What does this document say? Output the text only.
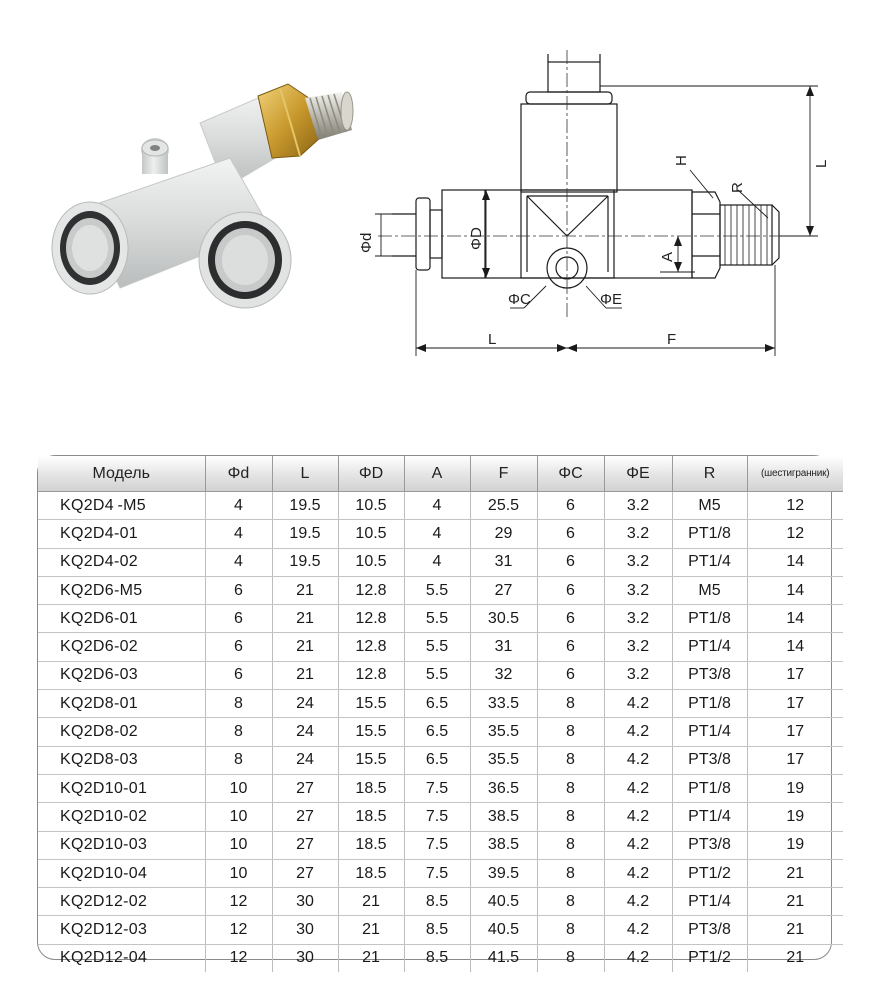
L	F
L
Φd	ΦD
A
H
R
ΦC	ΦE
Модель	Φd	L	ΦD	A	F	ΦC	ΦE	R	(шестигранник)
KQ2D4 -M5	4	19.5	10.5	4	25.5	6	3.2	M5	12
KQ2D4-01	4	19.5	10.5	4	29	6	3.2	PT1/8	12
KQ2D4-02	4	19.5	10.5	4	31	6	3.2	PT1/4	14
KQ2D6-M5	6	21	12.8	5.5	27	6	3.2	M5	14
KQ2D6-01	6	21	12.8	5.5	30.5	6	3.2	PT1/8	14
KQ2D6-02	6	21	12.8	5.5	31	6	3.2	PT1/4	14
KQ2D6-03	6	21	12.8	5.5	32	6	3.2	PT3/8	17
KQ2D8-01	8	24	15.5	6.5	33.5	8	4.2	PT1/8	17
KQ2D8-02	8	24	15.5	6.5	35.5	8	4.2	PT1/4	17
KQ2D8-03	8	24	15.5	6.5	35.5	8	4.2	PT3/8	17
KQ2D10-01	10	27	18.5	7.5	36.5	8	4.2	PT1/8	19
KQ2D10-02	10	27	18.5	7.5	38.5	8	4.2	PT1/4	19
KQ2D10-03	10	27	18.5	7.5	38.5	8	4.2	PT3/8	19
KQ2D10-04	10	27	18.5	7.5	39.5	8	4.2	PT1/2	21
KQ2D12-02	12	30	21	8.5	40.5	8	4.2	PT1/4	21
KQ2D12-03	12	30	21	8.5	40.5	8	4.2	PT3/8	21
KQ2D12-04	12	30	21	8.5	41.5	8	4.2	PT1/2	21
